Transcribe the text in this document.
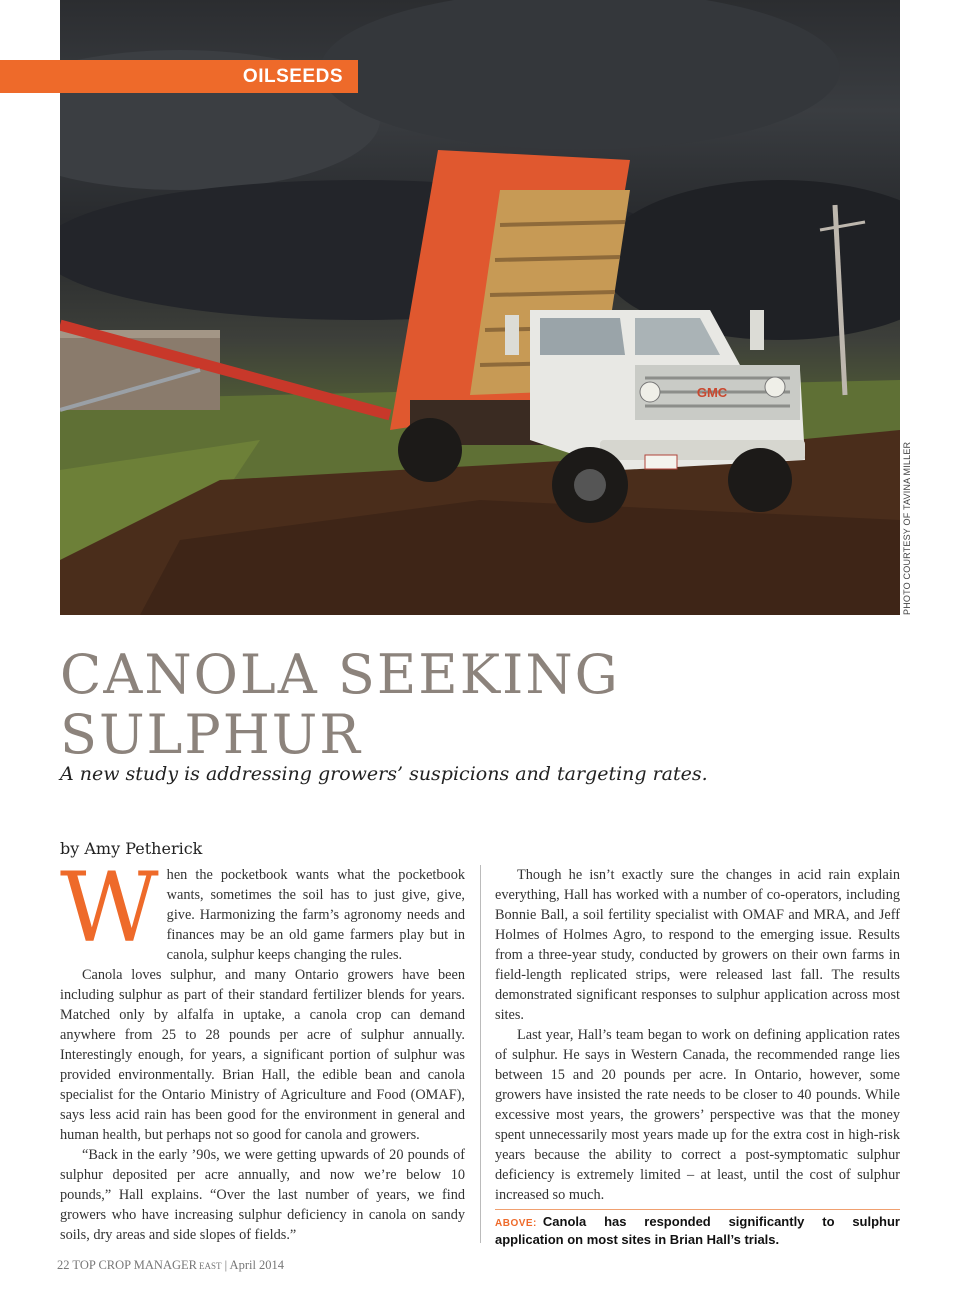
GMC
OILSEEDS
PHOTO COURTESY OF TAVINA MILLER
CANOLA SEEKING
SULPHUR

A new study is addressing growers’ suspicions and targeting rates.

by Amy Petherick

When the pocketbook wants what the pocketbook wants, sometimes the soil has to just give, give, give. Harmonizing the farm’s agronomy needs and finances may be an old game farmers play but in canola, sulphur keeps changing the rules.

Canola loves sulphur, and many Ontario growers have been including sulphur as part of their standard fertilizer blends for years. Matched only by alfalfa in uptake, a canola crop can demand anywhere from 25 to 28 pounds per acre of sulphur annually. Interestingly enough, for years, a significant portion of sulphur was provided environmentally. Brian Hall, the edible bean and canola specialist for the Ontario Ministry of Agriculture and Food (OMAF), says less acid rain has been good for the environment in general and human health, but perhaps not so good for canola and growers.

“Back in the early ’90s, we were getting upwards of 20 pounds of sulphur deposited per acre annually, and now we’re below 10 pounds,” Hall explains. “Over the last number of years, we find growers who have increasing sulphur deficiency in canola on sandy soils, dry areas and side slopes of fields.”

Though he isn’t exactly sure the changes in acid rain explain everything, Hall has worked with a number of co-operators, including Bonnie Ball, a soil fertility specialist with OMAF and MRA, and Jeff Holmes of Holmes Agro, to respond to the emerging issue. Results from a three-year study, conducted by growers on their own farms in field-length replicated strips, were released last fall. The results demonstrated significant responses to sulphur application across most sites.

Last year, Hall’s team began to work on defining application rates of sulphur. He says in Western Canada, the recommended range lies between 15 and 20 pounds per acre. In Ontario, however, some growers have insisted the rate needs to be closer to 40 pounds. While excessive most years, the growers’ perspective was that the money spent unnecessarily most years made up for the extra cost in high-risk years because the ability to correct a post-symptomatic sulphur deficiency is extremely limited – at least, until the cost of sulphur increased so much.

ABOVE: Canola has responded significantly to sulphur application on most sites in Brian Hall’s trials.
22 TOP CROP MANAGER EAST | April 2014
